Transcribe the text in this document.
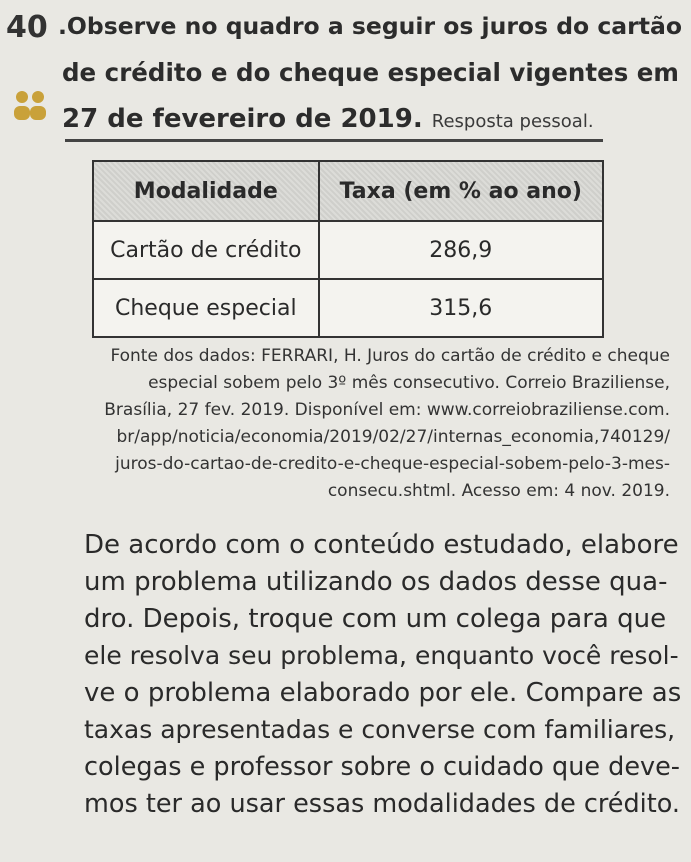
40 .Observe no quadro a seguir os juros do cartão
de crédito e do cheque especial vigentes em
27 de fevereiro de 2019. Resposta pessoal.
Modalidade	Taxa (em % ao ano)
Cartão de crédito	286,9
Cheque especial	315,6
Fonte dos dados: FERRARI, H. Juros do cartão de crédito e cheque
especial sobem pelo 3º mês consecutivo. Correio Braziliense,
Brasília, 27 fev. 2019. Disponível em: www.correiobraziliense.com.
br/app/noticia/economia/2019/02/27/internas_economia,740129/
juros-do-cartao-de-credito-e-cheque-especial-sobem-pelo-3-mes-
consecu.shtml. Acesso em: 4 nov. 2019.
De acordo com o conteúdo estudado, elabore
um problema utilizando os dados desse qua-
dro. Depois, troque com um colega para que
ele resolva seu problema, enquanto você resol-
ve o problema elaborado por ele. Compare as
taxas apresentadas e converse com familiares,
colegas e professor sobre o cuidado que deve-
mos ter ao usar essas modalidades de crédito.
